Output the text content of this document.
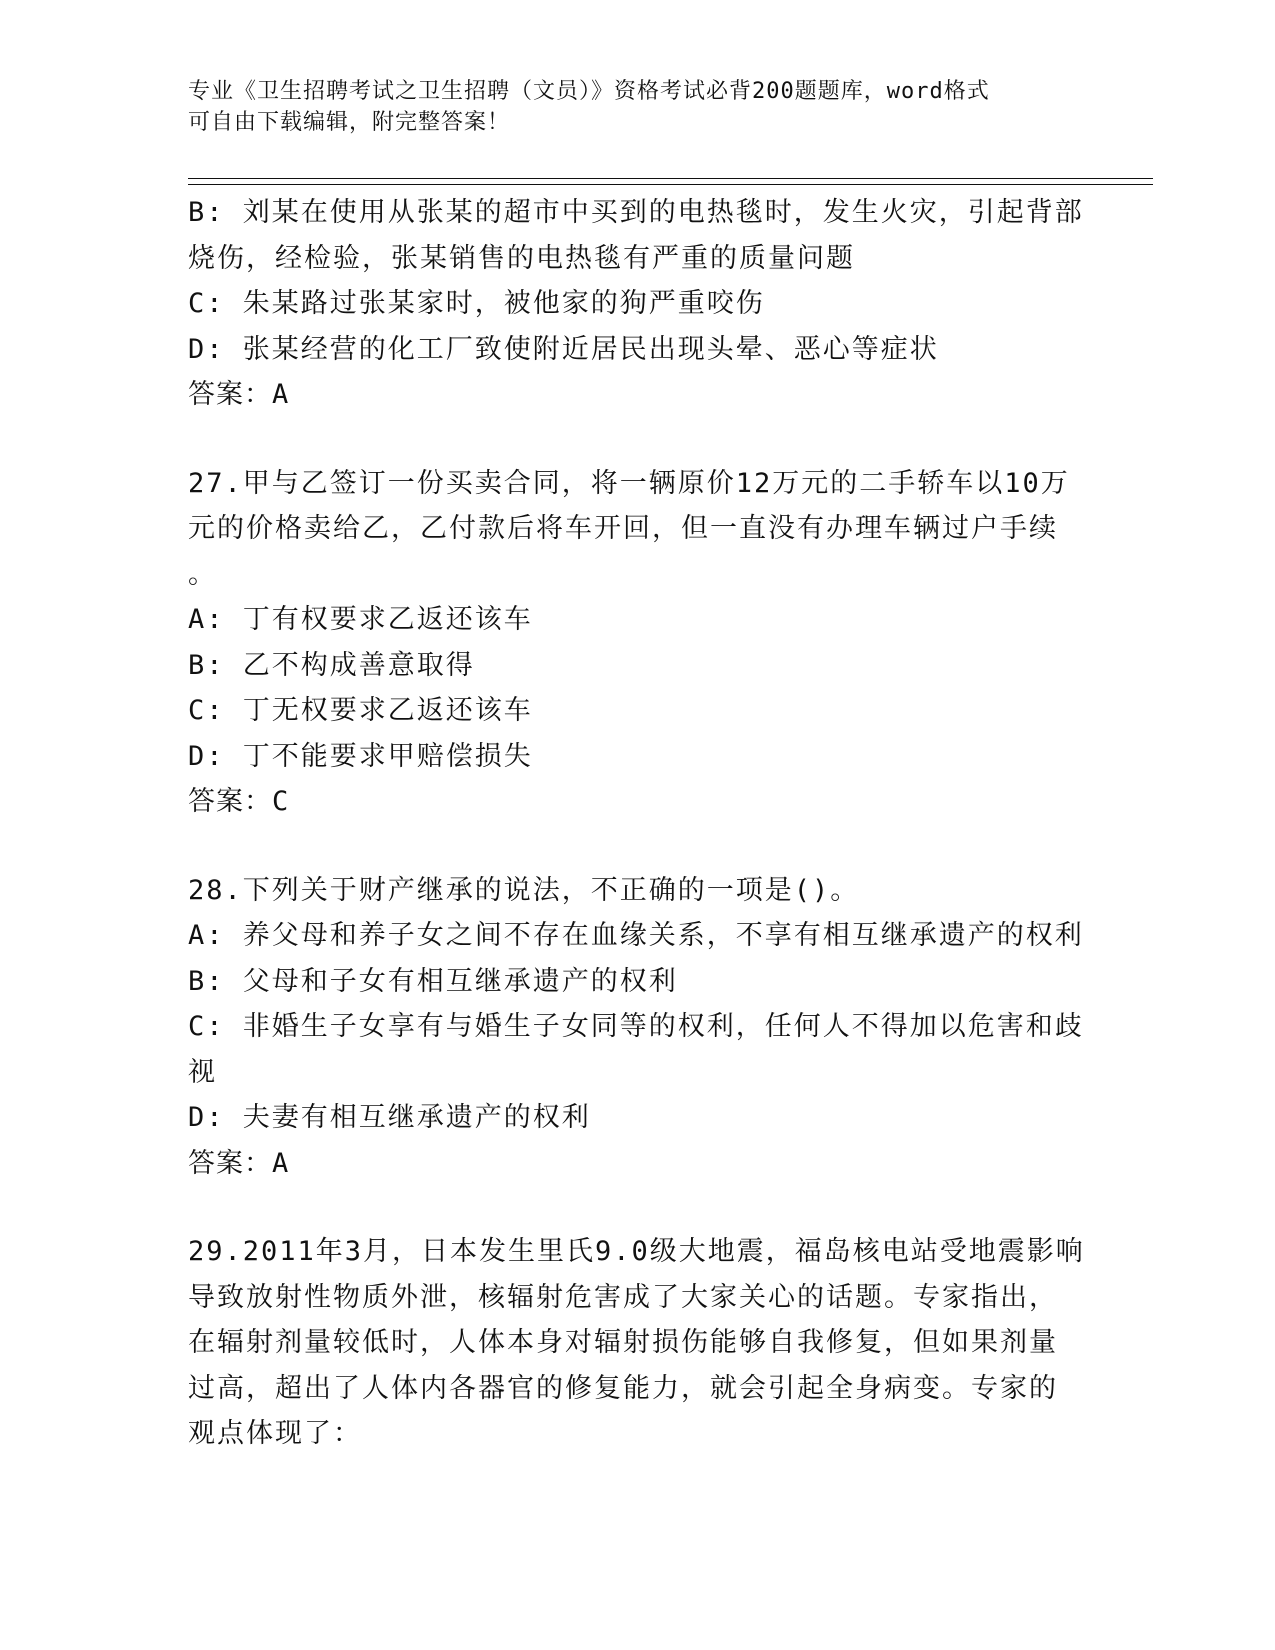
专业《卫生招聘考试之卫生招聘（文员）》资格考试必背200题题库，word格式
可自由下载编辑，附完整答案！
B: 刘某在使用从张某的超市中买到的电热毯时，发生火灾，引起背部
烧伤，经检验，张某销售的电热毯有严重的质量问题
C: 朱某路过张某家时，被他家的狗严重咬伤
D: 张某经营的化工厂致使附近居民出现头晕、恶心等症状
答案：A
27.甲与乙签订一份买卖合同，将一辆原价12万元的二手轿车以10万
元的价格卖给乙，乙付款后将车开回，但一直没有办理车辆过户手续
。
A: 丁有权要求乙返还该车
B: 乙不构成善意取得
C: 丁无权要求乙返还该车
D: 丁不能要求甲赔偿损失
答案：C
28.下列关于财产继承的说法，不正确的一项是()。
A: 养父母和养子女之间不存在血缘关系，不享有相互继承遗产的权利
B: 父母和子女有相互继承遗产的权利
C: 非婚生子女享有与婚生子女同等的权利，任何人不得加以危害和歧
视
D: 夫妻有相互继承遗产的权利
答案：A
29.2011年3月，日本发生里氏9.0级大地震，福岛核电站受地震影响
导致放射性物质外泄，核辐射危害成了大家关心的话题。专家指出，
在辐射剂量较低时，人体本身对辐射损伤能够自我修复，但如果剂量
过高，超出了人体内各器官的修复能力，就会引起全身病变。专家的
观点体现了：
